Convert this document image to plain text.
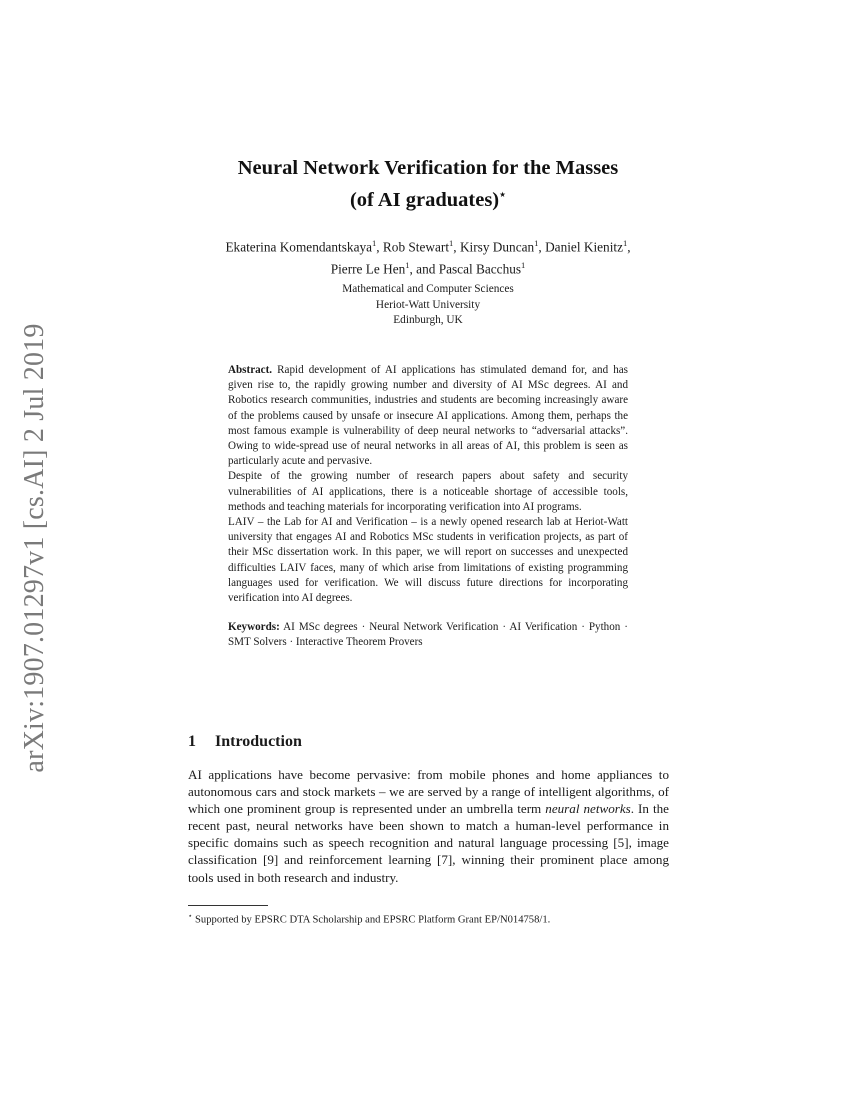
arXiv:1907.01297v1 [cs.AI] 2 Jul 2019
Neural Network Verification for the Masses
(of AI graduates)⋆
Ekaterina Komendantskaya$^1$, Rob Stewart$^1$, Kirsy Duncan$^1$, Daniel Kienitz$^1$,
Pierre Le Hen$^1$, and Pascal Bacchus$^1$
Mathematical and Computer Sciences
Heriot-Watt University
Edinburgh, UK

Abstract. Rapid development of AI applications has stimulated demand for, and has given rise to, the rapidly growing number and diversity of AI MSc degrees. AI and Robotics research communities, industries and students are becoming increasingly aware of the problems caused by unsafe or insecure AI applications. Among them, perhaps the most famous example is vulnerability of deep neural networks to “adversarial attacks”. Owing to wide-spread use of neural networks in all areas of AI, this problem is seen as particularly acute and pervasive.

Despite of the growing number of research papers about safety and security vulnerabilities of AI applications, there is a noticeable shortage of accessible tools, methods and teaching materials for incorporating verification into AI programs.

LAIV – the Lab for AI and Verification – is a newly opened research lab at Heriot-Watt university that engages AI and Robotics MSc students in verification projects, as part of their MSc dissertation work. In this paper, we will report on successes and unexpected difficulties LAIV faces, many of which arise from limitations of existing programming languages used for verification. We will discuss future directions for incorporating verification into AI degrees.

Keywords: AI MSc degrees · Neural Network Verification · AI Verification · Python · SMT Solvers · Interactive Theorem Provers

1 Introduction

AI applications have become pervasive: from mobile phones and home appliances to autonomous cars and stock markets – we are served by a range of intelligent algorithms, of which one prominent group is represented under an umbrella term neural networks. In the recent past, neural networks have been shown to match a human-level performance in specific domains such as speech recognition and natural language processing [5], image classification [9] and reinforcement learning [7], winning their prominent place among tools used in both research and industry.

⋆ Supported by EPSRC DTA Scholarship and EPSRC Platform Grant EP/N014758/1.
